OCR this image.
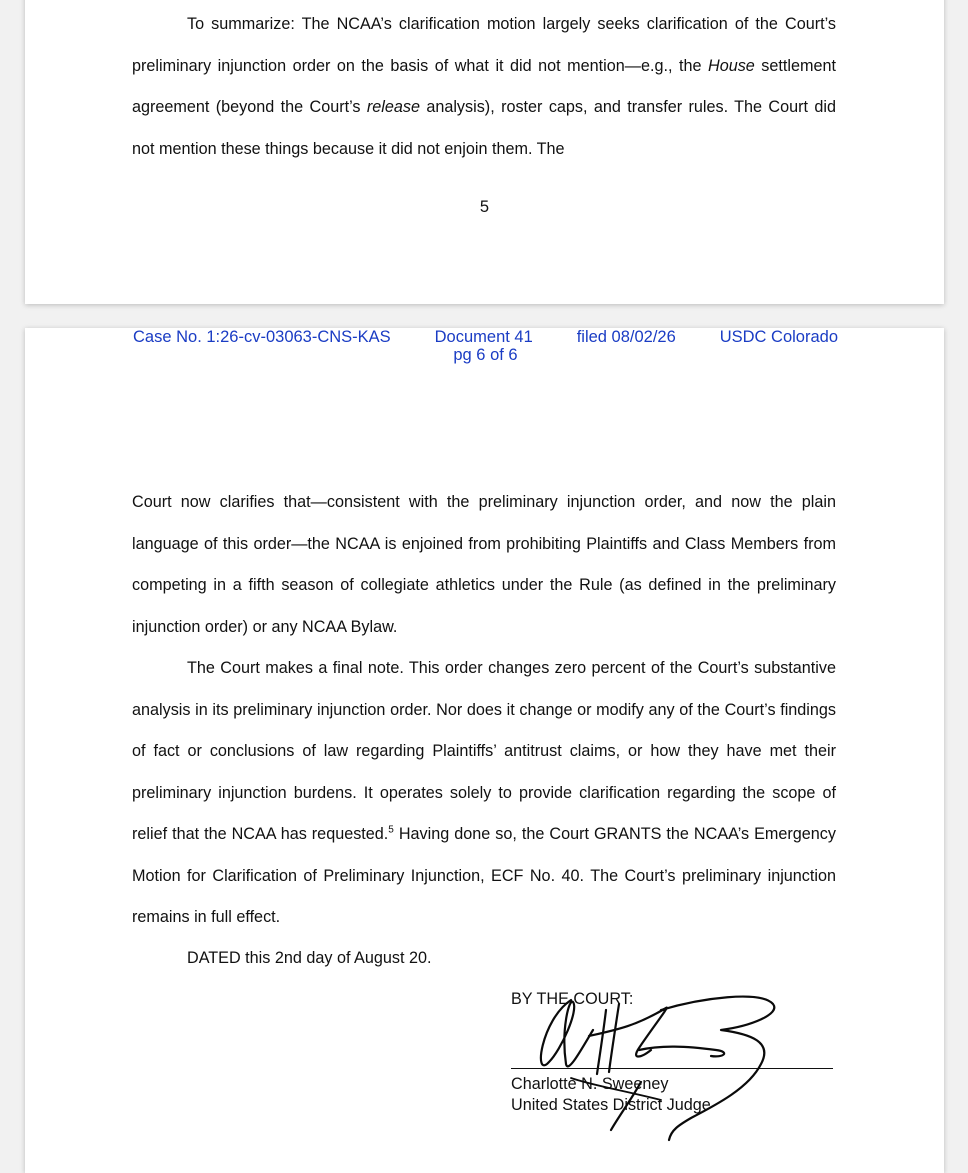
To summarize: The NCAA’s clarification motion largely seeks clarification of the Court’s preliminary injunction order on the basis of what it did not mention—e.g., the House settlement agreement (beyond the Court’s release analysis), roster caps, and transfer rules. The Court did not mention these things because it did not enjoin them. The

5
Case No. 1:26-cv-03063-CNS-KAS	Document 41	filed 08/02/26	USDC Colorado
pg 6 of 6

Court now clarifies that—consistent with the preliminary injunction order, and now the plain language of this order—the NCAA is enjoined from prohibiting Plaintiffs and Class Members from competing in a fifth season of collegiate athletics under the Rule (as defined in the preliminary injunction order) or any NCAA Bylaw.

The Court makes a final note. This order changes zero percent of the Court’s substantive analysis in its preliminary injunction order. Nor does it change or modify any of the Court’s findings of fact or conclusions of law regarding Plaintiffs’ antitrust claims, or how they have met their preliminary injunction burdens. It operates solely to provide clarification regarding the scope of relief that the NCAA has requested.$^5$ Having done so, the Court GRANTS the NCAA’s Emergency Motion for Clarification of Preliminary Injunction, ECF No. 40. The Court’s preliminary injunction remains in full effect.

DATED this 2nd day of August 20.
BY THE COURT:
Charlotte N. Sweeney
United States District Judge
